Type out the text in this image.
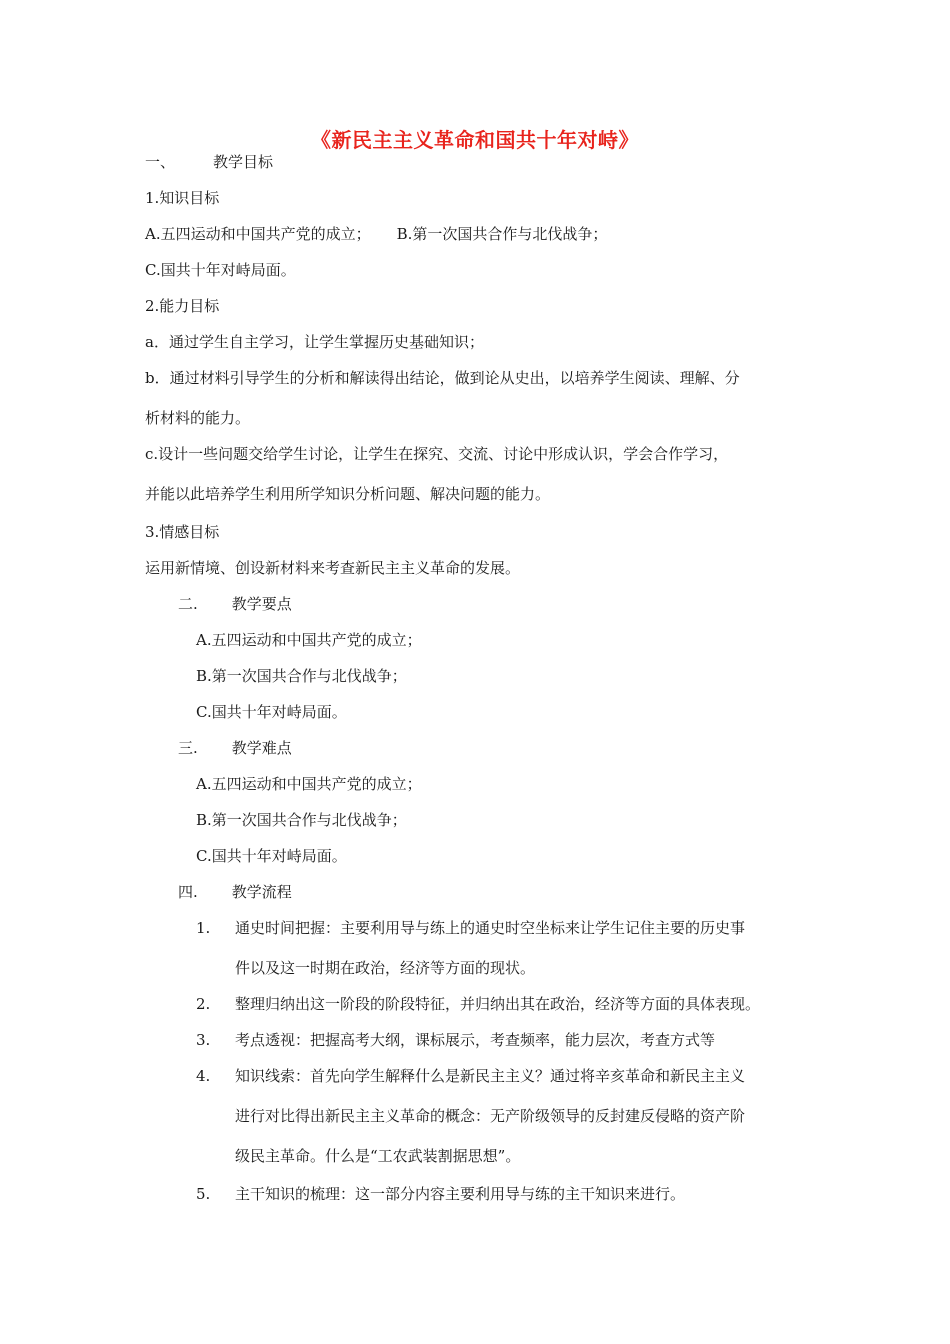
《新民主主义革命和国共十年对峙》
一、	教学目标
1.知识目标
A.五四运动和中国共产党的成立； B.第一次国共合作与北伐战争；
C.国共十年对峙局面。
2.能力目标
a．通过学生自主学习，让学生掌握历史基础知识；
b．通过材料引导学生的分析和解读得出结论，做到论从史出，以培养学生阅读、理解、分
析材料的能力。
c.设计一些问题交给学生讨论，让学生在探究、交流、讨论中形成认识，学会合作学习，
并能以此培养学生利用所学知识分析问题、解决问题的能力。
3.情感目标
运用新情境、创设新材料来考查新民主主义革命的发展。
二. 教学要点
A.五四运动和中国共产党的成立；
B.第一次国共合作与北伐战争；
C.国共十年对峙局面。
三. 教学难点
A.五四运动和中国共产党的成立；
B.第一次国共合作与北伐战争；
C.国共十年对峙局面。
四. 教学流程
1. 通史时间把握：主要利用导与练上的通史时空坐标来让学生记住主要的历史事
件以及这一时期在政治，经济等方面的现状。
2. 整理归纳出这一阶段的阶段特征，并归纳出其在政治，经济等方面的具体表现。
3. 考点透视：把握高考大纲，课标展示，考查频率，能力层次，考查方式等
4. 知识线索：首先向学生解释什么是新民主主义？通过将辛亥革命和新民主主义
进行对比得出新民主主义革命的概念：无产阶级领导的反封建反侵略的资产阶
级民主革命。什么是“工农武装割据思想”。
5. 主干知识的梳理：这一部分内容主要利用导与练的主干知识来进行。
